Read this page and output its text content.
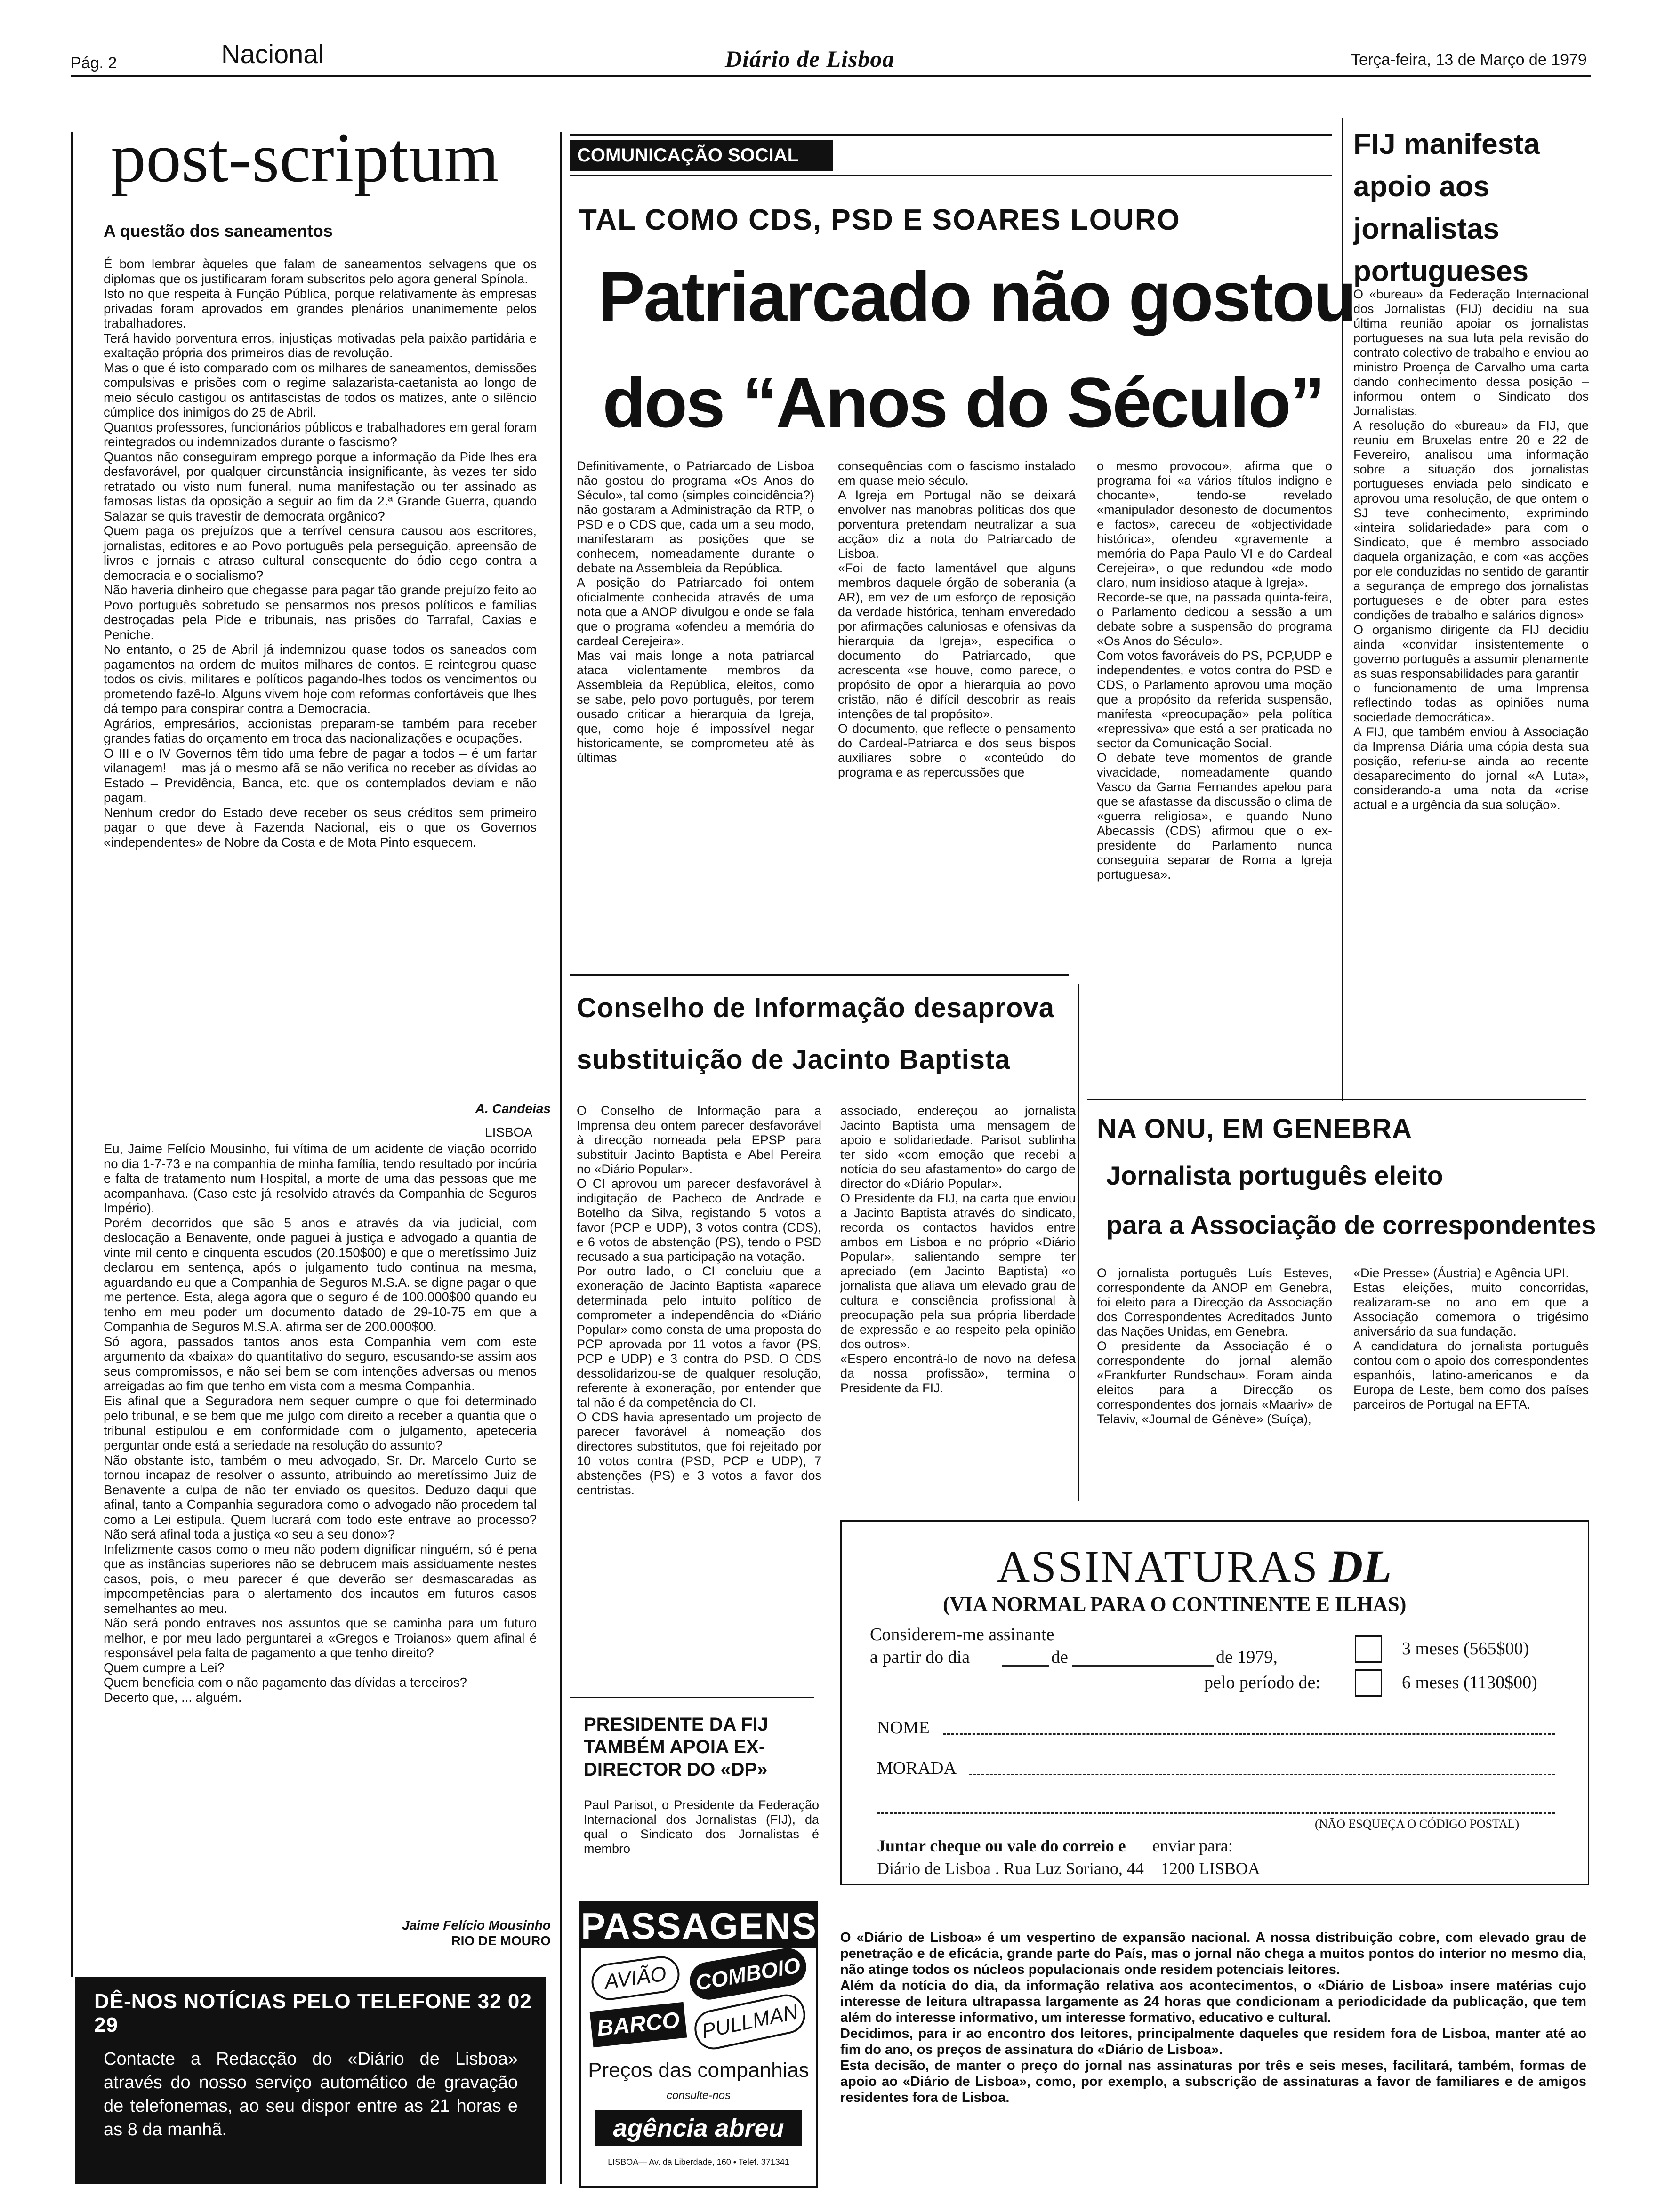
Pág. 2	Nacional	Diário de Lisboa	Terça-feira, 13 de Março de 1979
post-scriptum
A questão dos saneamentos
É bom lembrar àqueles que falam de saneamentos selvagens que os diplomas que os justificaram foram subscritos pelo agora general Spínola.
Isto no que respeita à Função Pública, porque relativamente às empresas privadas foram aprovados em grandes plenários unanimemente pelos trabalhadores.
Terá havido porventura erros, injustiças motivadas pela paixão partidária e exaltação própria dos primeiros dias de revolução.
Mas o que é isto comparado com os milhares de saneamentos, demissões compulsivas e prisões com o regime salazarista-caetanista ao longo de meio século castigou os antifascistas de todos os matizes, ante o silêncio cúmplice dos inimigos do 25 de Abril.
Quantos professores, funcionários públicos e trabalhadores em geral foram reintegrados ou indemnizados durante o fascismo?
Quantos não conseguiram emprego porque a informação da Pide lhes era desfavorável, por qualquer circunstância insignificante, às vezes ter sido retratado ou visto num funeral, numa manifestação ou ter assinado as famosas listas da oposição a seguir ao fim da 2.ª Grande Guerra, quando Salazar se quis travestir de democrata orgânico?
Quem paga os prejuízos que a terrível censura causou aos escritores, jornalistas, editores e ao Povo português pela perseguição, apreensão de livros e jornais e atraso cultural consequente do ódio cego contra a democracia e o socialismo?
Não haveria dinheiro que chegasse para pagar tão grande prejuízo feito ao Povo português sobretudo se pensarmos nos presos políticos e famílias destroçadas pela Pide e tribunais, nas prisões do Tarrafal, Caxias e Peniche.
No entanto, o 25 de Abril já indemnizou quase todos os saneados com pagamentos na ordem de muitos milhares de contos. E reintegrou quase todos os civis, militares e políticos pagando-lhes todos os vencimentos ou prometendo fazê-lo. Alguns vivem hoje com reformas confortáveis que lhes dá tempo para conspirar contra a Democracia.
Agrários, empresários, accionistas preparam-se também para receber grandes fatias do orçamento em troca das nacionalizações e ocupações.
O III e o IV Governos têm tido uma febre de pagar a todos – é um fartar vilanagem! – mas já o mesmo afã se não verifica no receber as dívidas ao Estado – Previdência, Banca, etc. que os contemplados deviam e não pagam.
Nenhum credor do Estado deve receber os seus créditos sem primeiro pagar o que deve à Fazenda Nacional, eis o que os Governos «independentes» de Nobre da Costa e de Mota Pinto esquecem.
A. Candeias
LISBOA
Eu, Jaime Felício Mousinho, fui vítima de um acidente de viação ocorrido no dia 1-7-73 e na companhia de minha família, tendo resultado por incúria e falta de tratamento num Hospital, a morte de uma das pessoas que me acompanhava. (Caso este já resolvido através da Companhia de Seguros Império).
Porém decorridos que são 5 anos e através da via judicial, com deslocação a Benavente, onde paguei à justiça e advogado a quantia de vinte mil cento e cinquenta escudos (20.150$00) e que o meretíssimo Juiz declarou em sentença, após o julgamento tudo continua na mesma, aguardando eu que a Companhia de Seguros M.S.A. se digne pagar o que me pertence. Esta, alega agora que o seguro é de 100.000$00 quando eu tenho em meu poder um documento datado de 29-10-75 em que a Companhia de Seguros M.S.A. afirma ser de 200.000$00.
Só agora, passados tantos anos esta Companhia vem com este argumento da «baixa» do quantitativo do seguro, escusando-se assim aos seus compromissos, e não sei bem se com intenções adversas ou menos arreigadas ao fim que tenho em vista com a mesma Companhia.
Eis afinal que a Seguradora nem sequer cumpre o que foi determinado pelo tribunal, e se bem que me julgo com direito a receber a quantia que o tribunal estipulou e em conformidade com o julgamento, apeteceria perguntar onde está a seriedade na resolução do assunto?
Não obstante isto, também o meu advogado, Sr. Dr. Marcelo Curto se tornou incapaz de resolver o assunto, atribuindo ao meretíssimo Juiz de Benavente a culpa de não ter enviado os quesitos. Deduzo daqui que afinal, tanto a Companhia seguradora como o advogado não procedem tal como a Lei estipula. Quem lucrará com todo este entrave ao processo? Não será afinal toda a justiça «o seu a seu dono»?
Infelizmente casos como o meu não podem dignificar ninguém, só é pena que as instâncias superiores não se debrucem mais assiduamente nestes casos, pois, o meu parecer é que deverão ser desmascaradas as impcompetências para o alertamento dos incautos em futuros casos semelhantes ao meu.
Não será pondo entraves nos assuntos que se caminha para um futuro melhor, e por meu lado perguntarei a «Gregos e Troianos» quem afinal é responsável pela falta de pagamento a que tenho direito?
Quem cumpre a Lei?
Quem beneficia com o não pagamento das dívidas a terceiros?
Decerto que, ... alguém.
Jaime Felício Mousinho
RIO DE MOURO
DÊ-NOS NOTÍCIAS PELO TELEFONE 32 02 29
Contacte a Redacção do «Diário de Lisboa» através do nosso serviço automático de gravação de telefonemas, ao seu dispor entre as 21 horas e as 8 da manhã.
COMUNICAÇÃO SOCIAL
TAL COMO CDS, PSD E SOARES LOURO
Patriarcado não gostou
dos “Anos do Século”
Definitivamente, o Patriarcado de Lisboa não gostou do programa «Os Anos do Século», tal como (simples coincidência?) não gostaram a Administração da RTP, o PSD e o CDS que, cada um a seu modo, manifestaram as posições que se conhecem, nomeadamente durante o debate na Assembleia da República.
A posição do Patriarcado foi ontem oficialmente conhecida através de uma nota que a ANOP divulgou e onde se fala que o programa «ofendeu a memória do cardeal Cerejeira».
Mas vai mais longe a nota patriarcal ataca violentamente membros da Assembleia da República, eleitos, como se sabe, pelo povo português, por terem ousado criticar a hierarquia da Igreja, que, como hoje é impossível negar historicamente, se comprometeu até às últimas
consequências com o fascismo instalado em quase meio século.
A Igreja em Portugal não se deixará envolver nas manobras políticas dos que porventura pretendam neutralizar a sua acção» diz a nota do Patriarcado de Lisboa.
«Foi de facto lamentável que alguns membros daquele órgão de soberania (a AR), em vez de um esforço de reposição da verdade histórica, tenham enveredado por afirmações caluniosas e ofensivas da hierarquia da Igreja», especifica o documento do Patriarcado, que acrescenta «se houve, como parece, o propósito de opor a hierarquia ao povo cristão, não é difícil descobrir as reais intenções de tal propósito».
O documento, que reflecte o pensamento do Cardeal-Patriarca e dos seus bispos auxiliares sobre o «conteúdo do programa e as repercussões que
o mesmo provocou», afirma que o programa foi «a vários títulos indigno e chocante», tendo-se revelado «manipulador desonesto de documentos e factos», careceu de «objectividade histórica», ofendeu «gravemente a memória do Papa Paulo VI e do Cardeal Cerejeira», o que redundou «de modo claro, num insidioso ataque à Igreja».
Recorde-se que, na passada quinta-feira, o Parlamento dedicou a sessão a um debate sobre a suspensão do programa «Os Anos do Século».
Com votos favoráveis do PS, PCP,UDP e independentes, e votos contra do PSD e CDS, o Parlamento aprovou uma moção que a propósito da referida suspensão, manifesta «preocupação» pela política «repressiva» que está a ser praticada no sector da Comunicação Social.
O debate teve momentos de grande vivacidade, nomeadamente quando Vasco da Gama Fernandes apelou para que se afastasse da discussão o clima de «guerra religiosa», e quando Nuno Abecassis (CDS) afirmou que o ex-presidente do Parlamento nunca conseguira separar de Roma a Igreja portuguesa».
FIJ manifesta apoio aos jornalistas portugueses
O «bureau» da Federação Internacional dos Jornalistas (FIJ) decidiu na sua última reunião apoiar os jornalistas portugueses na sua luta pela revisão do contrato colectivo de trabalho e enviou ao ministro Proença de Carvalho uma carta dando conhecimento dessa posição – informou ontem o Sindicato dos Jornalistas.
A resolução do «bureau» da FIJ, que reuniu em Bruxelas entre 20 e 22 de Fevereiro, analisou uma informação sobre a situação dos jornalistas portugueses enviada pelo sindicato e aprovou uma resolução, de que ontem o SJ teve conhecimento, exprimindo «inteira solidariedade» para com o Sindicato, que é membro associado daquela organização, e com «as acções por ele conduzidas no sentido de garantir a segurança de emprego dos jornalistas portugueses e de obter para estes condições de trabalho e salários dignos»
O organismo dirigente da FIJ decidiu ainda «convidar insistentemente o governo português a assumir plenamente as suas responsabilidades para garantir
o funcionamento de uma Imprensa reflectindo todas as opiniões numa sociedade democrática».
A FIJ, que também enviou à Associação da Imprensa Diária uma cópia desta sua posição, referiu-se ainda ao recente desaparecimento do jornal «A Luta», considerando-a uma nota da «crise actual e a urgência da sua solução».
Conselho de Informação desaprova
substituição de Jacinto Baptista
O Conselho de Informação para a Imprensa deu ontem parecer desfavorável à direcção nomeada pela EPSP para substituir Jacinto Baptista e Abel Pereira no «Diário Popular».
O CI aprovou um parecer desfavorável à indigitação de Pacheco de Andrade e Botelho da Silva, registando 5 votos a favor (PCP e UDP), 3 votos contra (CDS), e 6 votos de abstenção (PS), tendo o PSD recusado a sua participação na votação.
Por outro lado, o CI concluiu que a exoneração de Jacinto Baptista «aparece determinada pelo intuito político de comprometer a independência do «Diário Popular» como consta de uma proposta do PCP aprovada por 11 votos a favor (PS, PCP e UDP) e 3 contra do PSD. O CDS dessolidarizou-se de qualquer resolução, referente à exoneração, por entender que tal não é da competência do CI.
O CDS havia apresentado um projecto de parecer favorável à nomeação dos directores substitutos, que foi rejeitado por 10 votos contra (PSD, PCP e UDP), 7 abstenções (PS) e 3 votos a favor dos centristas.
associado, endereçou ao jornalista Jacinto Baptista uma mensagem de apoio e solidariedade. Parisot sublinha ter sido «com emoção que recebi a notícia do seu afastamento» do cargo de director do «Diário Popular».
O Presidente da FIJ, na carta que enviou a Jacinto Baptista através do sindicato, recorda os contactos havidos entre ambos em Lisboa e no próprio «Diário Popular», salientando sempre ter apreciado (em Jacinto Baptista) «o jornalista que aliava um elevado grau de cultura e consciência profissional à preocupação pela sua própria liberdade de expressão e ao respeito pela opinião dos outros».
«Espero encontrá-lo de novo na defesa da nossa profissão», termina o Presidente da FIJ.
PRESIDENTE DA FIJ TAMBÉM APOIA EX-DIRECTOR DO «DP»
Paul Parisot, o Presidente da Federação Internacional dos Jornalistas (FIJ), da qual o Sindicato dos Jornalistas é membro
PASSAGENS
AVIÃO	COMBOIO
BARCO PULLMAN
Preços das companhias
consulte-nos
agência abreu
LISBOA— Av. da Liberdade, 160 • Telef. 371341
NA ONU, EM GENEBRA
Jornalista português eleito
para a Associação de correspondentes
O jornalista português Luís Esteves, correspondente da ANOP em Genebra, foi eleito para a Direcção da Associação dos Correspondentes Acreditados Junto das Nações Unidas, em Genebra.
O presidente da Associação é o correspondente do jornal alemão «Frankfurter Rundschau». Foram ainda eleitos para a Direcção os correspondentes dos jornais «Maariv» de Telaviv, «Journal de Génève» (Suíça),
«Die Presse» (Áustria) e Agência UPI.
Estas eleições, muito concorridas, realizaram-se no ano em que a Associação comemora o trigésimo aniversário da sua fundação.
A candidatura do jornalista português contou com o apoio dos correspondentes espanhóis, latino-americanos e da Europa de Leste, bem como dos países parceiros de Portugal na EFTA.
ASSINATURAS DL
(VIA NORMAL PARA O CONTINENTE E ILHAS)
Considerem-me assinante
a partir do dia	de	de 1979,
pelo período de:
3 meses (565$00)
6 meses (1130$00)
NOME
MORADA
(NÃO ESQUEÇA O CÓDIGO POSTAL)
Juntar cheque ou vale do correio e enviar para:
Diário de Lisboa . Rua Luz Soriano, 44    1200 LISBOA
O «Diário de Lisboa» é um vespertino de expansão nacional. A nossa distribuição cobre, com elevado grau de penetração e de eficácia, grande parte do País, mas o jornal não chega a muitos pontos do interior no mesmo dia, não atinge todos os núcleos populacionais onde residem potenciais leitores.
Além da notícia do dia, da informação relativa aos acontecimentos, o «Diário de Lisboa» insere matérias cujo interesse de leitura ultrapassa largamente as 24 horas que condicionam a periodicidade da publicação, que tem além do interesse informativo, um interesse formativo, educativo e cultural.
Decidimos, para ir ao encontro dos leitores, principalmente daqueles que residem fora de Lisboa, manter até ao fim do ano, os preços de assinatura do «Diário de Lisboa».
Esta decisão, de manter o preço do jornal nas assinaturas por três e seis meses, facilitará, também, formas de apoio ao «Diário de Lisboa», como, por exemplo, a subscrição de assinaturas a favor de familiares e de amigos residentes fora de Lisboa.
